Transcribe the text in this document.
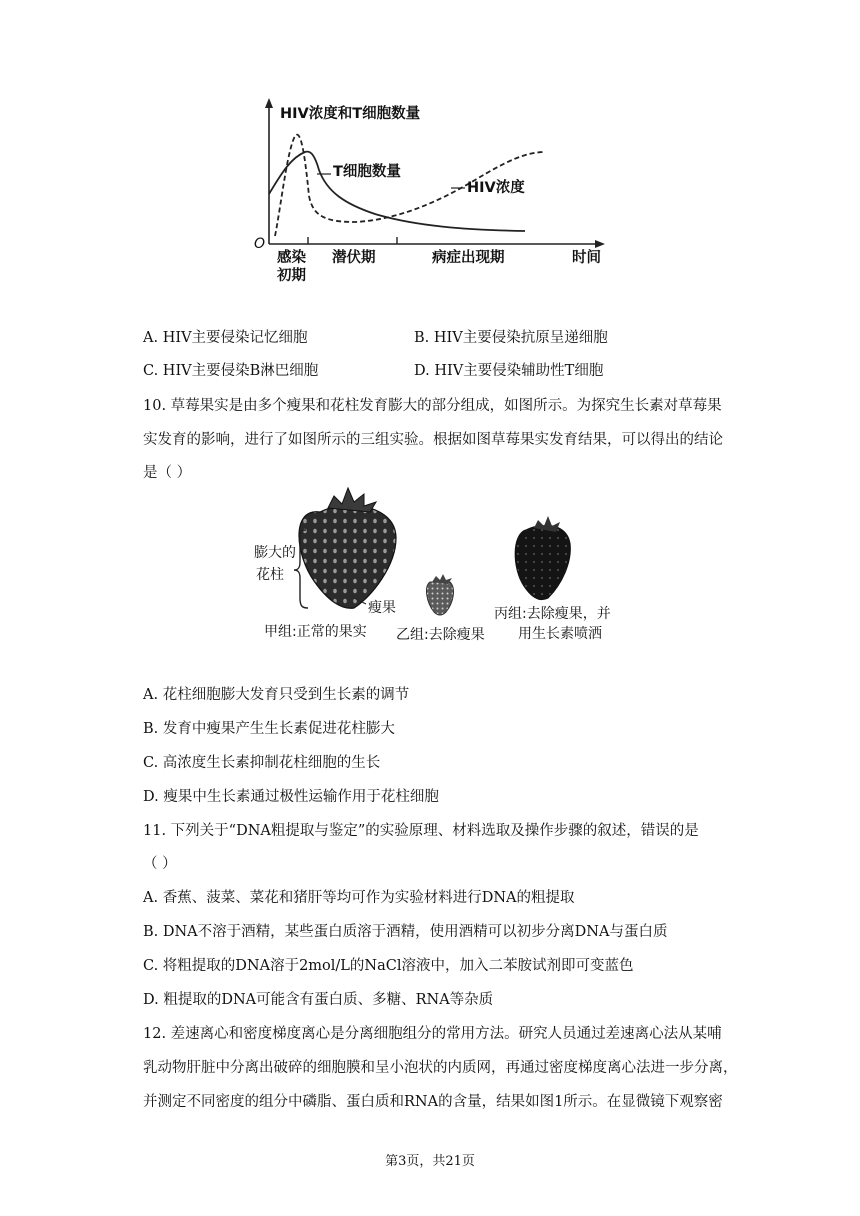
HIV浓度和T细胞数量
T细胞数量
HIV浓度
O
感染
初期
潜伏期	病症出现期	时间
A. HIV主要侵染记忆细胞	B. HIV主要侵染抗原呈递细胞
C. HIV主要侵染B淋巴细胞	D. HIV主要侵染辅助性T细胞
10. 草莓果实是由多个瘦果和花柱发育膨大的部分组成，如图所示。为探究生长素对草莓果
实发育的影响，进行了如图所示的三组实验。根据如图草莓果实发育结果，可以得出的结论
是（ ）
膨大的
花柱
瘦果
甲组:正常的果实 乙组:去除瘦果
丙组:去除瘦果，并
用生长素喷洒
A. 花柱细胞膨大发育只受到生长素的调节
B. 发育中瘦果产生生长素促进花柱膨大
C. 高浓度生长素抑制花柱细胞的生长
D. 瘦果中生长素通过极性运输作用于花柱细胞
11. 下列关于“DNA粗提取与鉴定”的实验原理、材料选取及操作步骤的叙述，错误的是
（ ）
A. 香蕉、菠菜、菜花和猪肝等均可作为实验材料进行DNA的粗提取
B. DNA不溶于酒精，某些蛋白质溶于酒精，使用酒精可以初步分离DNA与蛋白质
C. 将粗提取的DNA溶于2mol/L的NaCl溶液中，加入二苯胺试剂即可变蓝色
D. 粗提取的DNA可能含有蛋白质、多糖、RNA等杂质
12. 差速离心和密度梯度离心是分离细胞组分的常用方法。研究人员通过差速离心法从某哺
乳动物肝脏中分离出破碎的细胞膜和呈小泡状的内质网，再通过密度梯度离心法进一步分离，
并测定不同密度的组分中磷脂、蛋白质和RNA的含量，结果如图1所示。在显微镜下观察密
第3页，共21页
